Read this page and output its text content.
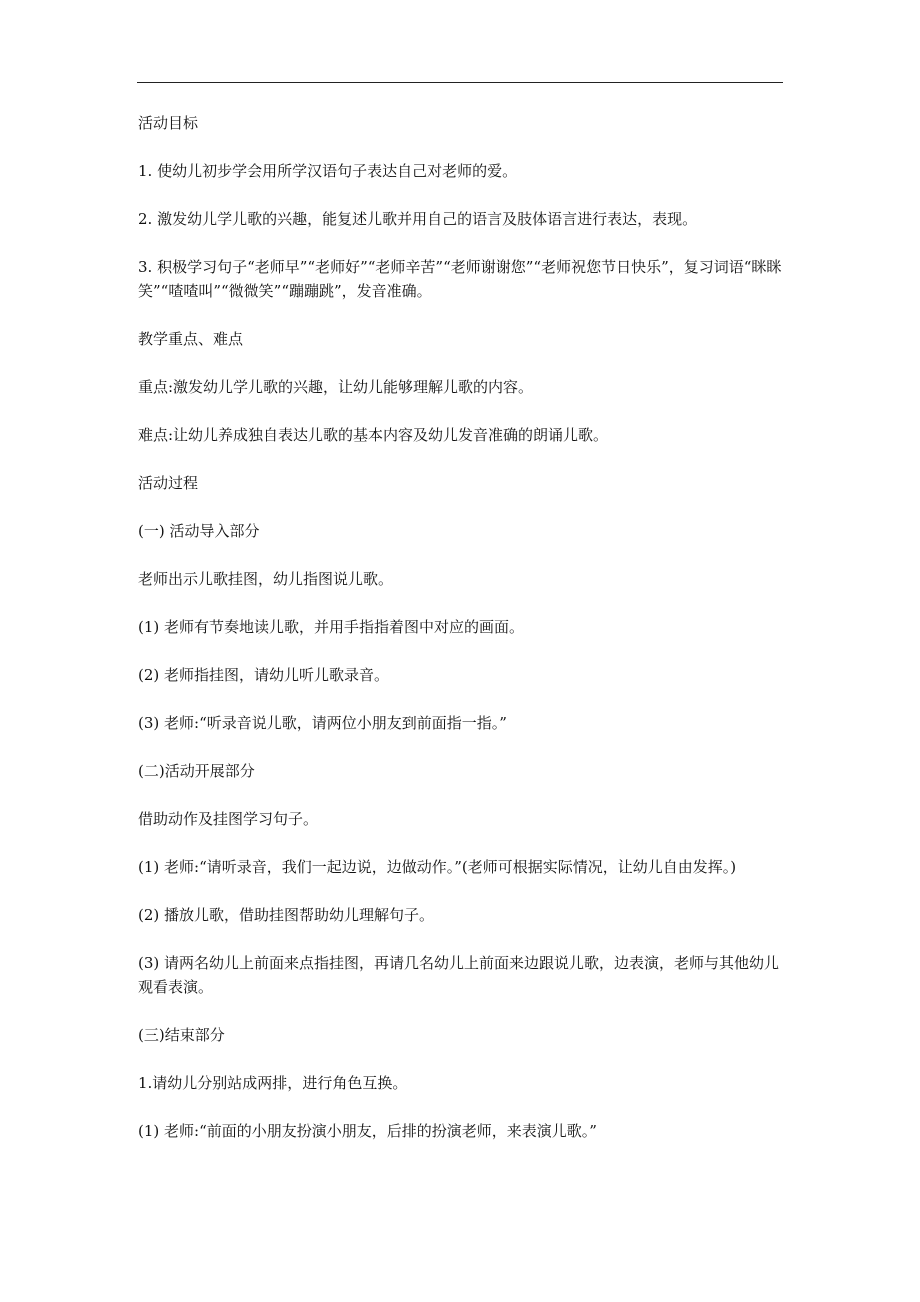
活动目标

1. 使幼儿初步学会用所学汉语句子表达自己对老师的爱。

2. 激发幼儿学儿歌的兴趣，能复述儿歌并用自己的语言及肢体语言进行表达，表现。

3. 积极学习句子“老师早”“老师好”“老师辛苦”“老师谢谢您”“老师祝您节日快乐”，复习词语“眯眯笑”“喳喳叫”“微微笑”“蹦蹦跳”，发音准确。

教学重点、难点

重点:激发幼儿学儿歌的兴趣，让幼儿能够理解儿歌的内容。

难点:让幼儿养成独自表达儿歌的基本内容及幼儿发音准确的朗诵儿歌。

活动过程

(一) 活动导入部分

老师出示儿歌挂图，幼儿指图说儿歌。

(1) 老师有节奏地读儿歌，并用手指指着图中对应的画面。

(2) 老师指挂图，请幼儿听儿歌录音。

(3) 老师:“听录音说儿歌，请两位小朋友到前面指一指。”

(二)活动开展部分

借助动作及挂图学习句子。

(1) 老师:“请听录音，我们一起边说，边做动作。”(老师可根据实际情况，让幼儿自由发挥。)

(2) 播放儿歌，借助挂图帮助幼儿理解句子。

(3) 请两名幼儿上前面来点指挂图，再请几名幼儿上前面来边跟说儿歌，边表演，老师与其他幼儿观看表演。

(三)结束部分

1.请幼儿分别站成两排，进行角色互换。

(1) 老师:“前面的小朋友扮演小朋友，后排的扮演老师，来表演儿歌。”
